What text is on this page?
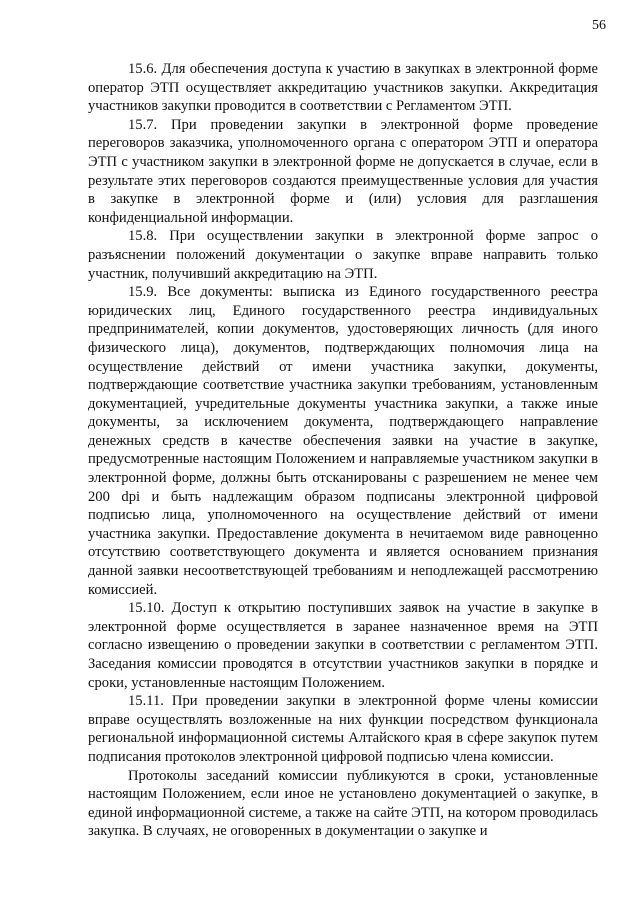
56

15.6. Для обеспечения доступа к участию в закупках в электронной форме оператор ЭТП осуществляет аккредитацию участников закупки. Аккредитация участников закупки проводится в соответствии с Регламентом ЭТП.

15.7. При проведении закупки в электронной форме проведение переговоров заказчика, уполномоченного органа с оператором ЭТП и оператора ЭТП с участником закупки в электронной форме не допускается в случае, если в результате этих переговоров создаются преимущественные условия для участия в закупке в электронной форме и (или) условия для разглашения конфиденциальной информации.

15.8. При осуществлении закупки в электронной форме запрос о разъяснении положений документации о закупке вправе направить только участник, получивший аккредитацию на ЭТП.

15.9. Все документы: выписка из Единого государственного реестра юридических лиц, Единого государственного реестра индивидуальных предпринимателей, копии документов, удостоверяющих личность (для иного физического лица), документов, подтверждающих полномочия лица на осуществление действий от имени участника закупки, документы, подтверждающие соответствие участника закупки требованиям, установленным документацией, учредительные документы участника закупки, а также иные документы, за исключением документа, подтверждающего направление денежных средств в качестве обеспечения заявки на участие в закупке, предусмотренные настоящим Положением и направляемые участником закупки в электронной форме, должны быть отсканированы с разрешением не менее чем 200 dpi и быть надлежащим образом подписаны электронной цифровой подписью лица, уполномоченного на осуществление действий от имени участника закупки. Предоставление документа в нечитаемом виде равноценно отсутствию соответствующего документа и является основанием признания данной заявки несоответствующей требованиям и неподлежащей рассмотрению комиссией.

15.10. Доступ к открытию поступивших заявок на участие в закупке в электронной форме осуществляется в заранее назначенное время на ЭТП согласно извещению о проведении закупки в соответствии с регламентом ЭТП. Заседания комиссии проводятся в отсутствии участников закупки в порядке и сроки, установленные настоящим Положением.

15.11. При проведении закупки в электронной форме члены комиссии вправе осуществлять возложенные на них функции посредством функционала региональной информационной системы Алтайского края в сфере закупок путем подписания протоколов электронной цифровой подписью члена комиссии.

Протоколы заседаний комиссии публикуются в сроки, установленные настоящим Положением, если иное не установлено документацией о закупке, в единой информационной системе, а также на сайте ЭТП, на котором проводилась закупка. В случаях, не оговоренных в документации о закупке и
